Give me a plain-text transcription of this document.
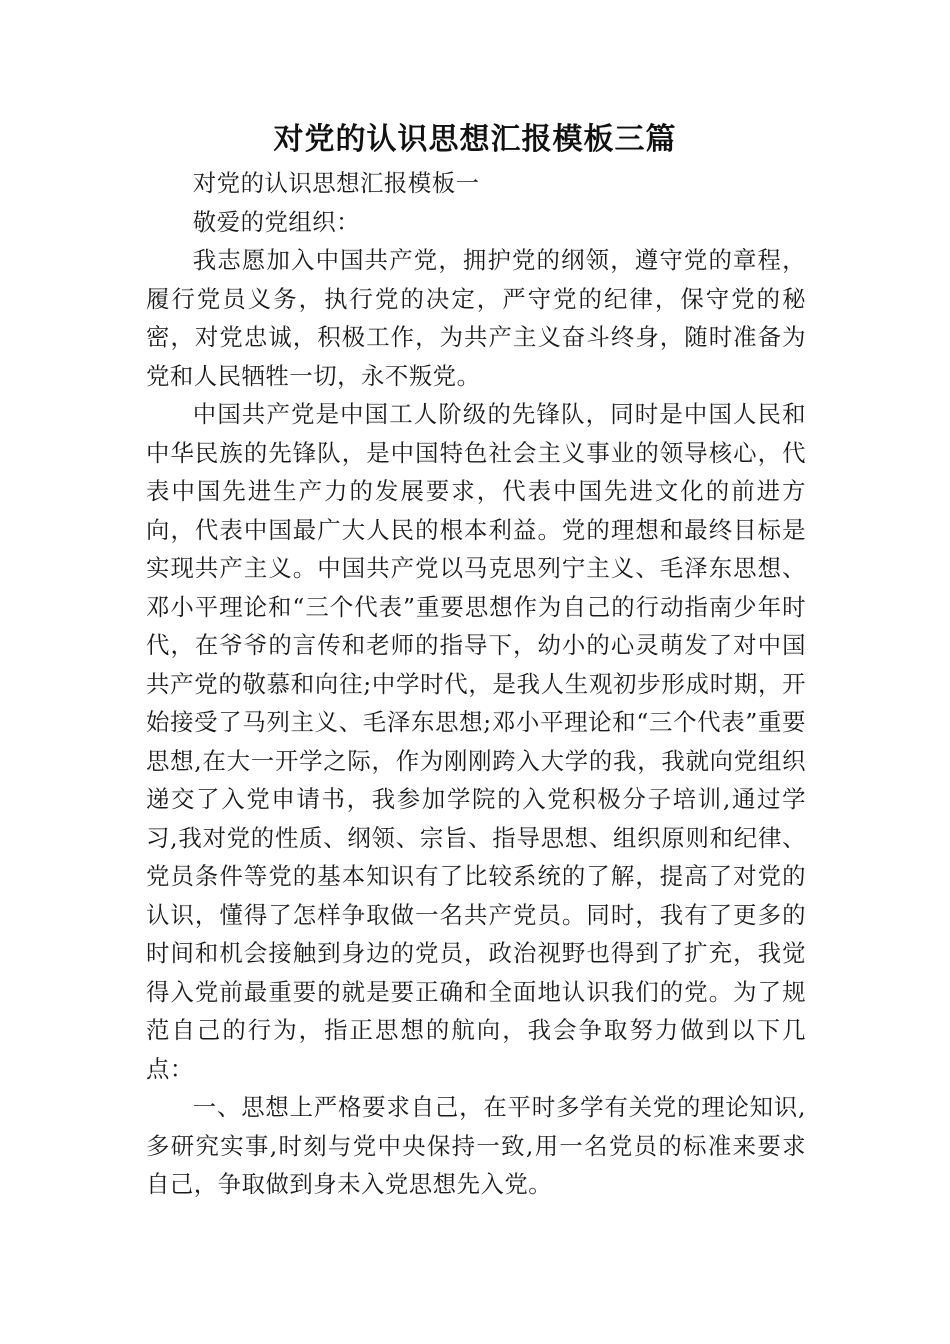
对党的认识思想汇报模板三篇

对党的认识思想汇报模板一

敬爱的党组织：

我志愿加入中国共产党，拥护党的纲领，遵守党的章程，履行党员义务，执行党的决定，严守党的纪律，保守党的秘密，对党忠诚，积极工作，为共产主义奋斗终身，随时准备为党和人民牺牲一切，永不叛党。

中国共产党是中国工人阶级的先锋队，同时是中国人民和中华民族的先锋队，是中国特色社会主义事业的领导核心，代表中国先进生产力的发展要求，代表中国先进文化的前进方向，代表中国最广大人民的根本利益。党的理想和最终目标是实现共产主义。中国共产党以马克思列宁主义、毛泽东思想、邓小平理论和“三个代表”重要思想作为自己的行动指南少年时代，在爷爷的言传和老师的指导下，幼小的心灵萌发了对中国共产党的敬慕和向往;中学时代，是我人生观初步形成时期，开始接受了马列主义、毛泽东思想;邓小平理论和“三个代表”重要思想,在大一开学之际，作为刚刚跨入大学的我，我就向党组织递交了入党申请书，我参加学院的入党积极分子培训,通过学习,我对党的性质、纲领、宗旨、指导思想、组织原则和纪律、党员条件等党的基本知识有了比较系统的了解，提高了对党的认识，懂得了怎样争取做一名共产党员。同时，我有了更多的时间和机会接触到身边的党员，政治视野也得到了扩充，我觉得入党前最重要的就是要正确和全面地认识我们的党。为了规范自己的行为，指正思想的航向，我会争取努力做到以下几点：

一、思想上严格要求自己，在平时多学有关党的理论知识,多研究实事,时刻与党中央保持一致,用一名党员的标准来要求自己，争取做到身未入党思想先入党。
